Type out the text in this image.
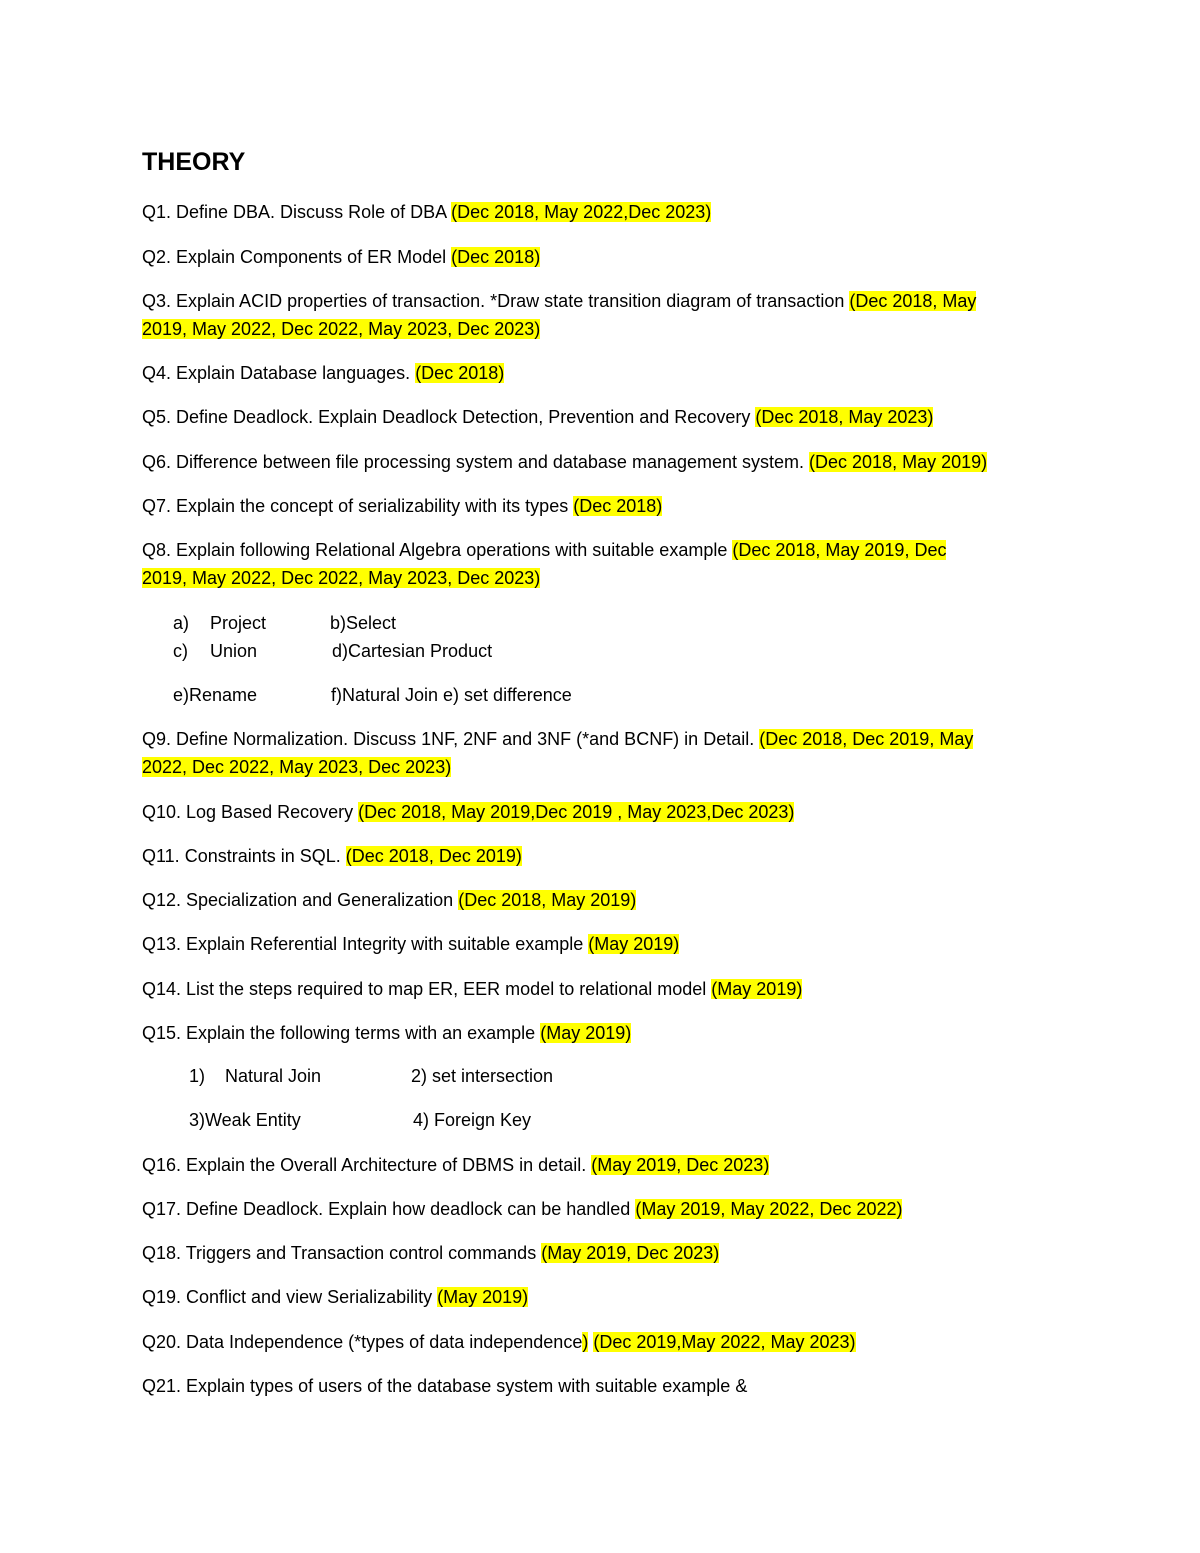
THEORY
Q1. Define DBA. Discuss Role of DBA (Dec 2018, May 2022,Dec 2023)
Q2. Explain Components of ER Model (Dec 2018)
Q3. Explain ACID properties of transaction. *Draw state transition diagram of transaction (Dec 2018, May
2019, May 2022, Dec 2022, May 2023, Dec 2023)
Q4. Explain Database languages. (Dec 2018)
Q5. Define Deadlock. Explain Deadlock Detection, Prevention and Recovery (Dec 2018, May 2023)
Q6. Difference between file processing system and database management system. (Dec 2018, May 2019)
Q7. Explain the concept of serializability with its types (Dec 2018)
Q8. Explain following Relational Algebra operations with suitable example (Dec 2018, May 2019, Dec
2019, May 2022, Dec 2022, May 2023, Dec 2023)
a) Project	b)Select
c) Union	d)Cartesian Product
e)Rename	f)Natural Join e) set difference
Q9. Define Normalization. Discuss 1NF, 2NF and 3NF (*and BCNF) in Detail. (Dec 2018, Dec 2019, May
2022, Dec 2022, May 2023, Dec 2023)
Q10. Log Based Recovery (Dec 2018, May 2019,Dec 2019 , May 2023,Dec 2023)
Q11. Constraints in SQL. (Dec 2018, Dec 2019)
Q12. Specialization and Generalization (Dec 2018, May 2019)
Q13. Explain Referential Integrity with suitable example (May 2019)
Q14. List the steps required to map ER, EER model to relational model (May 2019)
Q15. Explain the following terms with an example (May 2019)
1) Natural Join	2) set intersection
3)Weak Entity	4) Foreign Key
Q16. Explain the Overall Architecture of DBMS in detail. (May 2019, Dec 2023)
Q17. Define Deadlock. Explain how deadlock can be handled (May 2019, May 2022, Dec 2022)
Q18. Triggers and Transaction control commands (May 2019, Dec 2023)
Q19. Conflict and view Serializability (May 2019)
Q20. Data Independence (*types of data independence) (Dec 2019,May 2022, May 2023)
Q21. Explain types of users of the database system with suitable example &
